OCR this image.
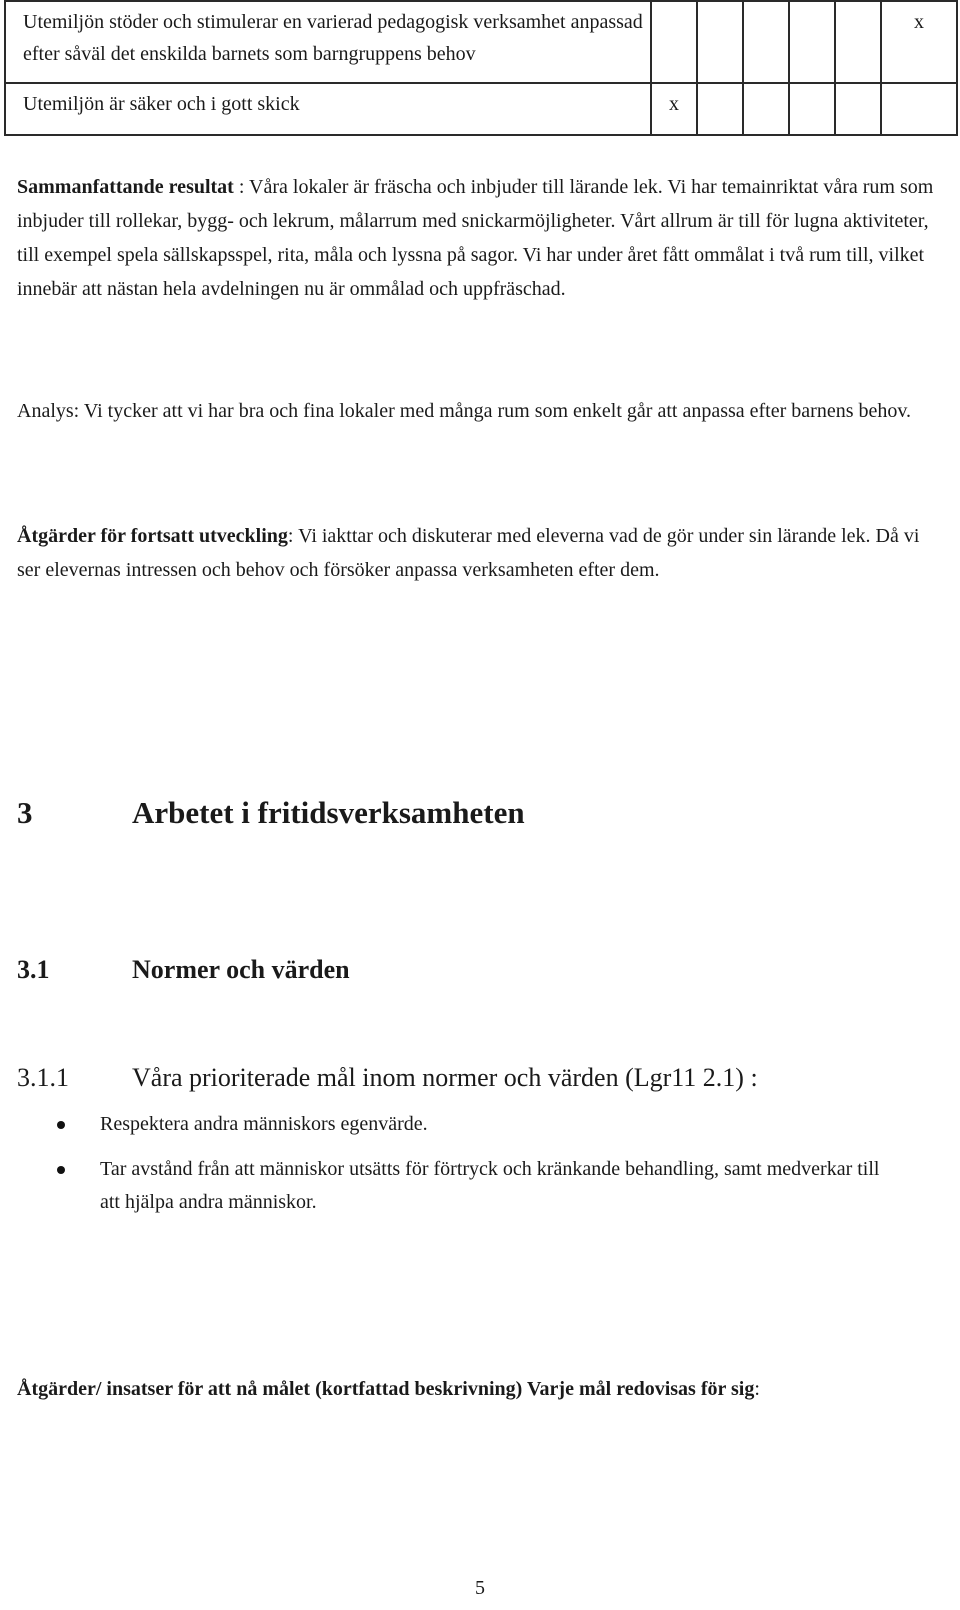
Utemiljön stöder och stimulerar en varierad pedagogisk verksamhet anpassad efter såväl det enskilda barnets som barngruppens behov						x
Utemiljön är säker och i gott skick	x					

Sammanfattande resultat : Våra lokaler är fräscha och inbjuder till lärande lek. Vi har temainriktat våra rum som inbjuder till rollekar, bygg- och lekrum, målarrum med snickarmöjligheter. Vårt allrum är till för lugna aktiviteter, till exempel spela sällskapsspel, rita, måla och lyssna på sagor. Vi har under året fått ommålat i två rum till, vilket innebär att nästan hela avdelningen nu är ommålad och uppfräschad.

Analys: Vi tycker att vi har bra och fina lokaler med många rum som enkelt går att anpassa efter barnens behov.

Åtgärder för fortsatt utveckling: Vi iakttar och diskuterar med eleverna vad de gör under sin lärande lek. Då vi ser elevernas intressen och behov och försöker anpassa verksamheten efter dem.

3	Arbetet i fritidsverksamheten
3.1	Normer och värden
3.1.1 Våra prioriterade mål inom normer och värden (Lgr11 2.1) :
Respektera andra människors egenvärde.
Tar avstånd från att människor utsätts för förtryck och kränkande behandling, samt medverkar till att hjälpa andra människor.

Åtgärder/ insatser för att nå målet (kortfattad beskrivning) Varje mål redovisas för sig:

5
